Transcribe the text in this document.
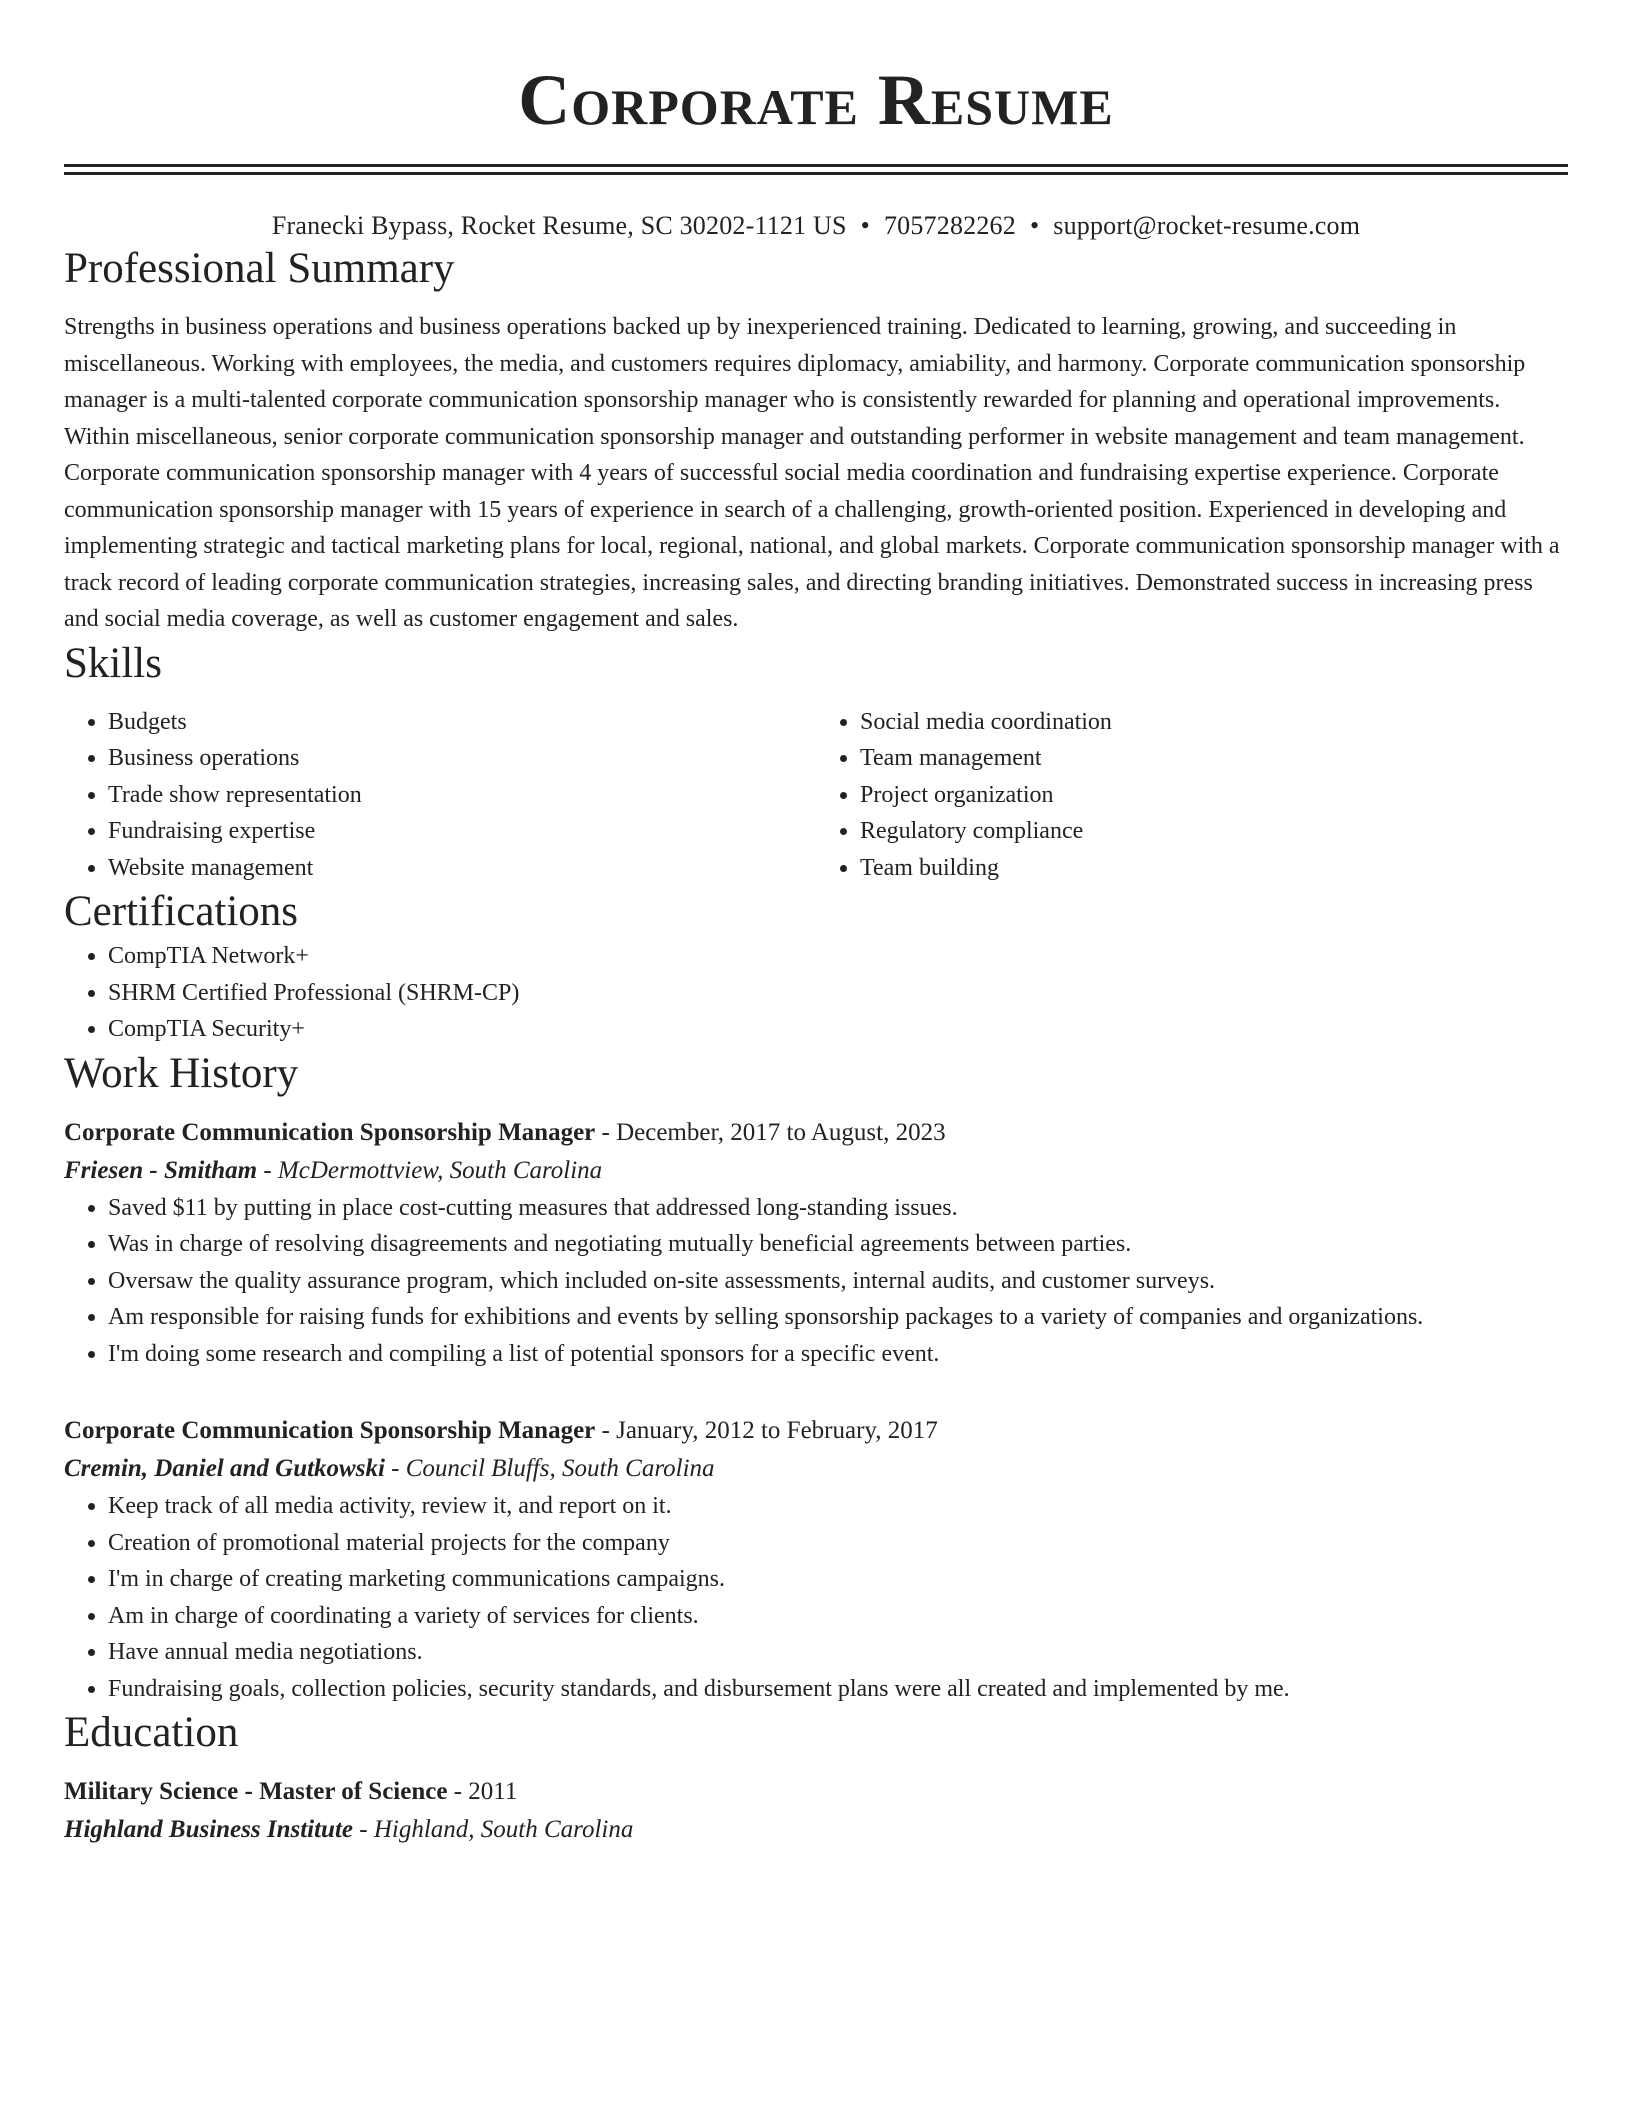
Corporate Resume
Franecki Bypass, Rocket Resume, SC 30202-1121 US • 7057282262 • support@rocket-resume.com
Professional Summary
Strengths in business operations and business operations backed up by inexperienced training. Dedicated to learning, growing, and succeeding in miscellaneous. Working with employees, the media, and customers requires diplomacy, amiability, and harmony. Corporate communication sponsorship manager is a multi-talented corporate communication sponsorship manager who is consistently rewarded for planning and operational improvements. Within miscellaneous, senior corporate communication sponsorship manager and outstanding performer in website management and team management. Corporate communication sponsorship manager with 4 years of successful social media coordination and fundraising expertise experience. Corporate communication sponsorship manager with 15 years of experience in search of a challenging, growth-oriented position. Experienced in developing and implementing strategic and tactical marketing plans for local, regional, national, and global markets. Corporate communication sponsorship manager with a track record of leading corporate communication strategies, increasing sales, and directing branding initiatives. Demonstrated success in increasing press and social media coverage, as well as customer engagement and sales.
Skills
• Budgets
• Business operations
• Trade show representation
• Fundraising expertise
• Website management
• Social media coordination
• Team management
• Project organization
• Regulatory compliance
• Team building
Certifications
• CompTIA Network+
• SHRM Certified Professional (SHRM-CP)
• CompTIA Security+
Work History
Corporate Communication Sponsorship Manager - December, 2017 to August, 2023
Friesen - Smitham - McDermottview, South Carolina
• Saved $11 by putting in place cost-cutting measures that addressed long-standing issues.
• Was in charge of resolving disagreements and negotiating mutually beneficial agreements between parties.
• Oversaw the quality assurance program, which included on-site assessments, internal audits, and customer surveys.
• Am responsible for raising funds for exhibitions and events by selling sponsorship packages to a variety of companies and organizations.
• I'm doing some research and compiling a list of potential sponsors for a specific event.
Corporate Communication Sponsorship Manager - January, 2012 to February, 2017
Cremin, Daniel and Gutkowski - Council Bluffs, South Carolina
• Keep track of all media activity, review it, and report on it.
• Creation of promotional material projects for the company
• I'm in charge of creating marketing communications campaigns.
• Am in charge of coordinating a variety of services for clients.
• Have annual media negotiations.
• Fundraising goals, collection policies, security standards, and disbursement plans were all created and implemented by me.
Education
Military Science - Master of Science - 2011
Highland Business Institute - Highland, South Carolina
